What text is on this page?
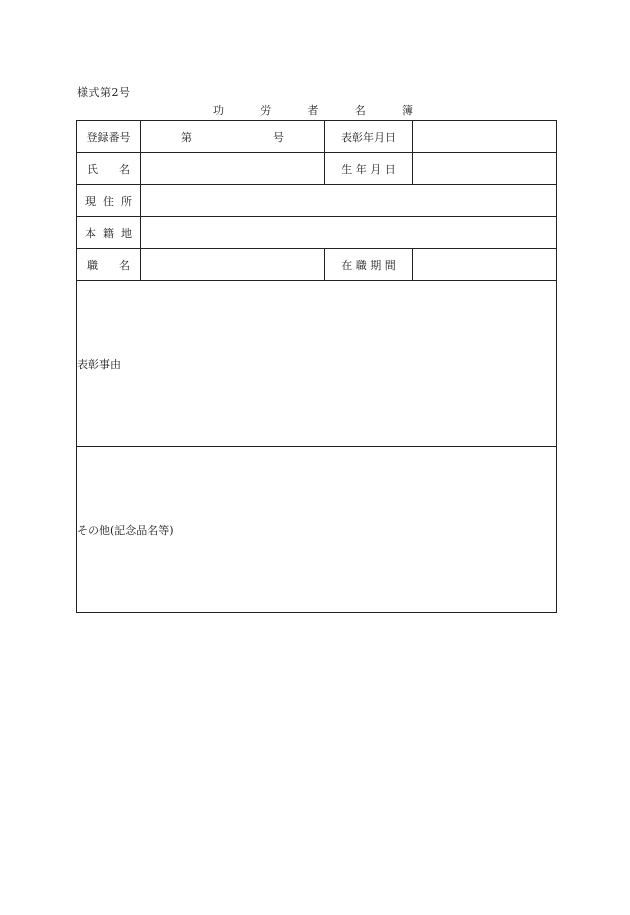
様式第2号
功	労	者	名	簿
登録番号	第 号	表彰年月日	

氏 名		生 年 月 日	

現 住 所			

本 籍 地			

職 名		在 職 期 間	

表彰事由			

その他(記念品名等)			
